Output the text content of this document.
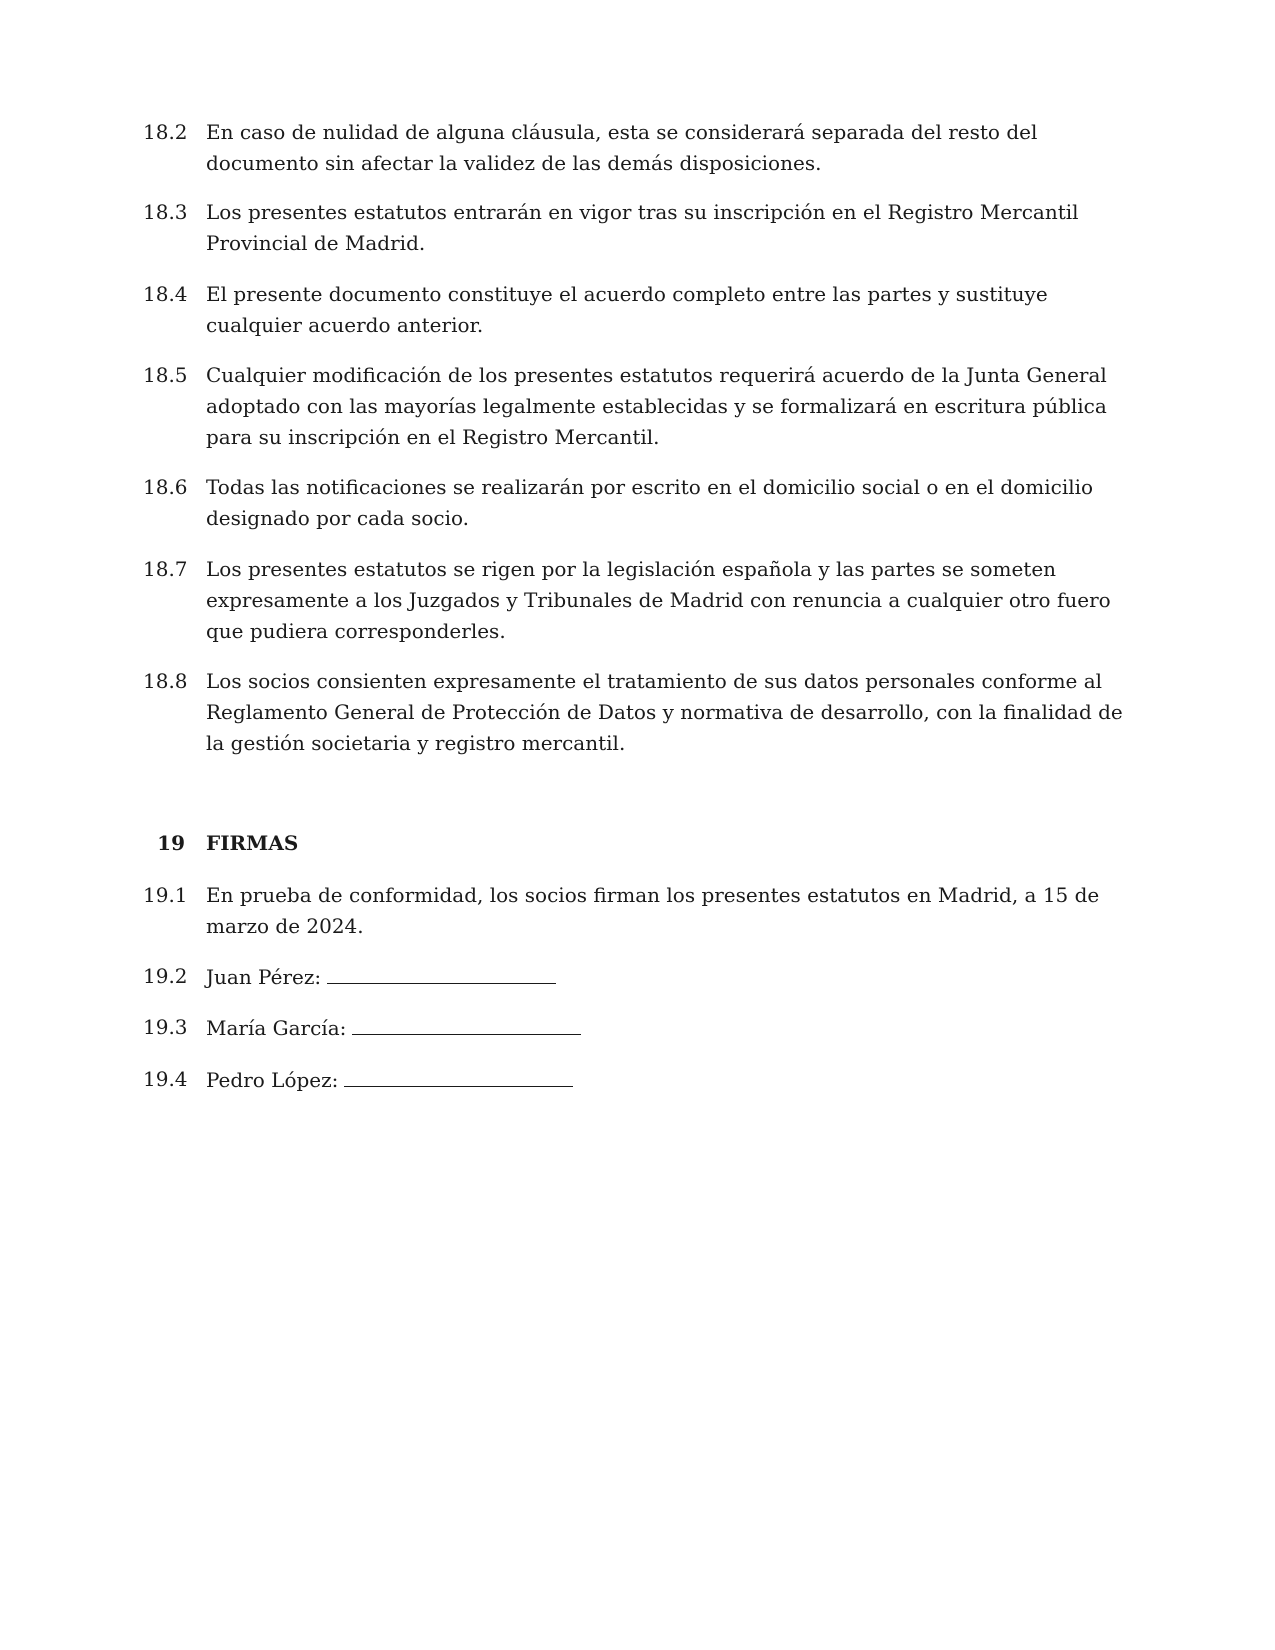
18.2 En caso de nulidad de alguna cláusula, esta se considerará separada del resto del documento sin afectar la validez de las demás disposiciones.
18.3 Los presentes estatutos entrarán en vigor tras su inscripción en el Registro Mercantil Provincial de Madrid.
18.4 El presente documento constituye el acuerdo completo entre las partes y sustituye cualquier acuerdo anterior.
18.5 Cualquier modificación de los presentes estatutos requerirá acuerdo de la Junta General adoptado con las mayorías legalmente establecidas y se formalizará en escritura pública para su inscripción en el Registro Mercantil.
18.6 Todas las notificaciones se realizarán por escrito en el domicilio social o en el domicilio designado por cada socio.
18.7 Los presentes estatutos se rigen por la legislación española y las partes se someten expresamente a los Juzgados y Tribunales de Madrid con renuncia a cualquier otro fuero que pudiera corresponderles.
18.8 Los socios consienten expresamente el tratamiento de sus datos personales conforme al Reglamento General de Protección de Datos y normativa de desarrollo, con la finalidad de la gestión societaria y registro mercantil.
19 FIRMAS
19.1 En prueba de conformidad, los socios firman los presentes estatutos en Madrid, a 15 de marzo de 2024.
19.2 Juan Pérez:
19.3 María García:
19.4 Pedro López:
